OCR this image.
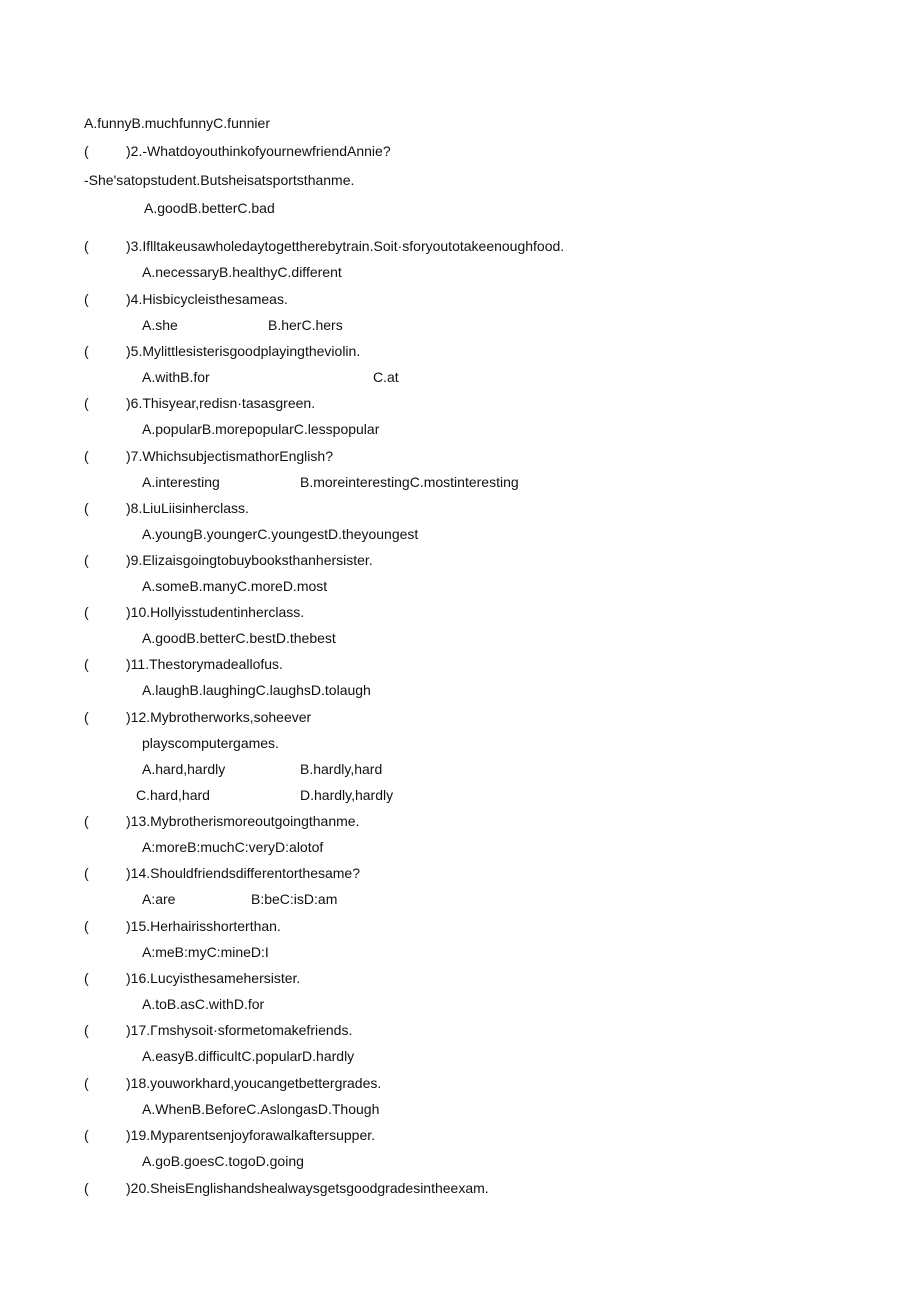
A.funnyB.muchfunnyC.funnier
(	)2.-WhatdoyouthinkofyournewfriendAnnie?
-She'satopstudent.Butsheisatsportsthanme.
A.goodB.betterC.bad
(	)3.Iflltakeusawholedaytogettherebytrain.Soit·sforyoutotakeenoughfood.
A.necessaryB.healthyC.different
(	)4.Hisbicycleisthesameas.
A.she	B.herC.hers
(	)5.Mylittlesisterisgoodplayingtheviolin.
A.withB.for	C.at
(	)6.Thisyear,redisn·tasasgreen.
A.popularB.morepopularC.lesspopular
(	)7.WhichsubjectismathorEnglish?
A.interesting	B.moreinterestingC.mostinteresting
(	)8.LiuLiisinherclass.
A.youngB.youngerC.youngestD.theyoungest
(	)9.Elizaisgoingtobuybooksthanhersister.
A.someB.manyC.moreD.most
(	)10.Hollyisstudentinherclass.
A.goodB.betterC.bestD.thebest
(	)11.Thestorymadeallofus.
A.laughB.laughingC.laughsD.tolaugh
(	)12.Mybrotherworks,soheever
playscomputergames.
A.hard,hardly	B.hardly,hard
C.hard,hard	D.hardly,hardly
(	)13.Mybrotherismoreoutgoingthanme.
A:moreB:muchC:veryD:alotof
(	)14.Shouldfriendsdifferentorthesame?
A:are	B:beC:isD:am
(	)15.Herhairisshorterthan.
A:meB:myC:mineD:I
(	)16.Lucyisthesamehersister.
A.toB.asC.withD.for
(	)17.Γmshysoit·sformetomakefriends.
A.easyB.difficultC.popularD.hardly
(	)18.youworkhard,youcangetbettergrades.
A.WhenB.BeforeC.AslongasD.Though
(	)19.Myparentsenjoyforawalkaftersupper.
A.goB.goesC.togoD.going
(	)20.SheisEnglishandshealwaysgetsgoodgradesintheexam.
